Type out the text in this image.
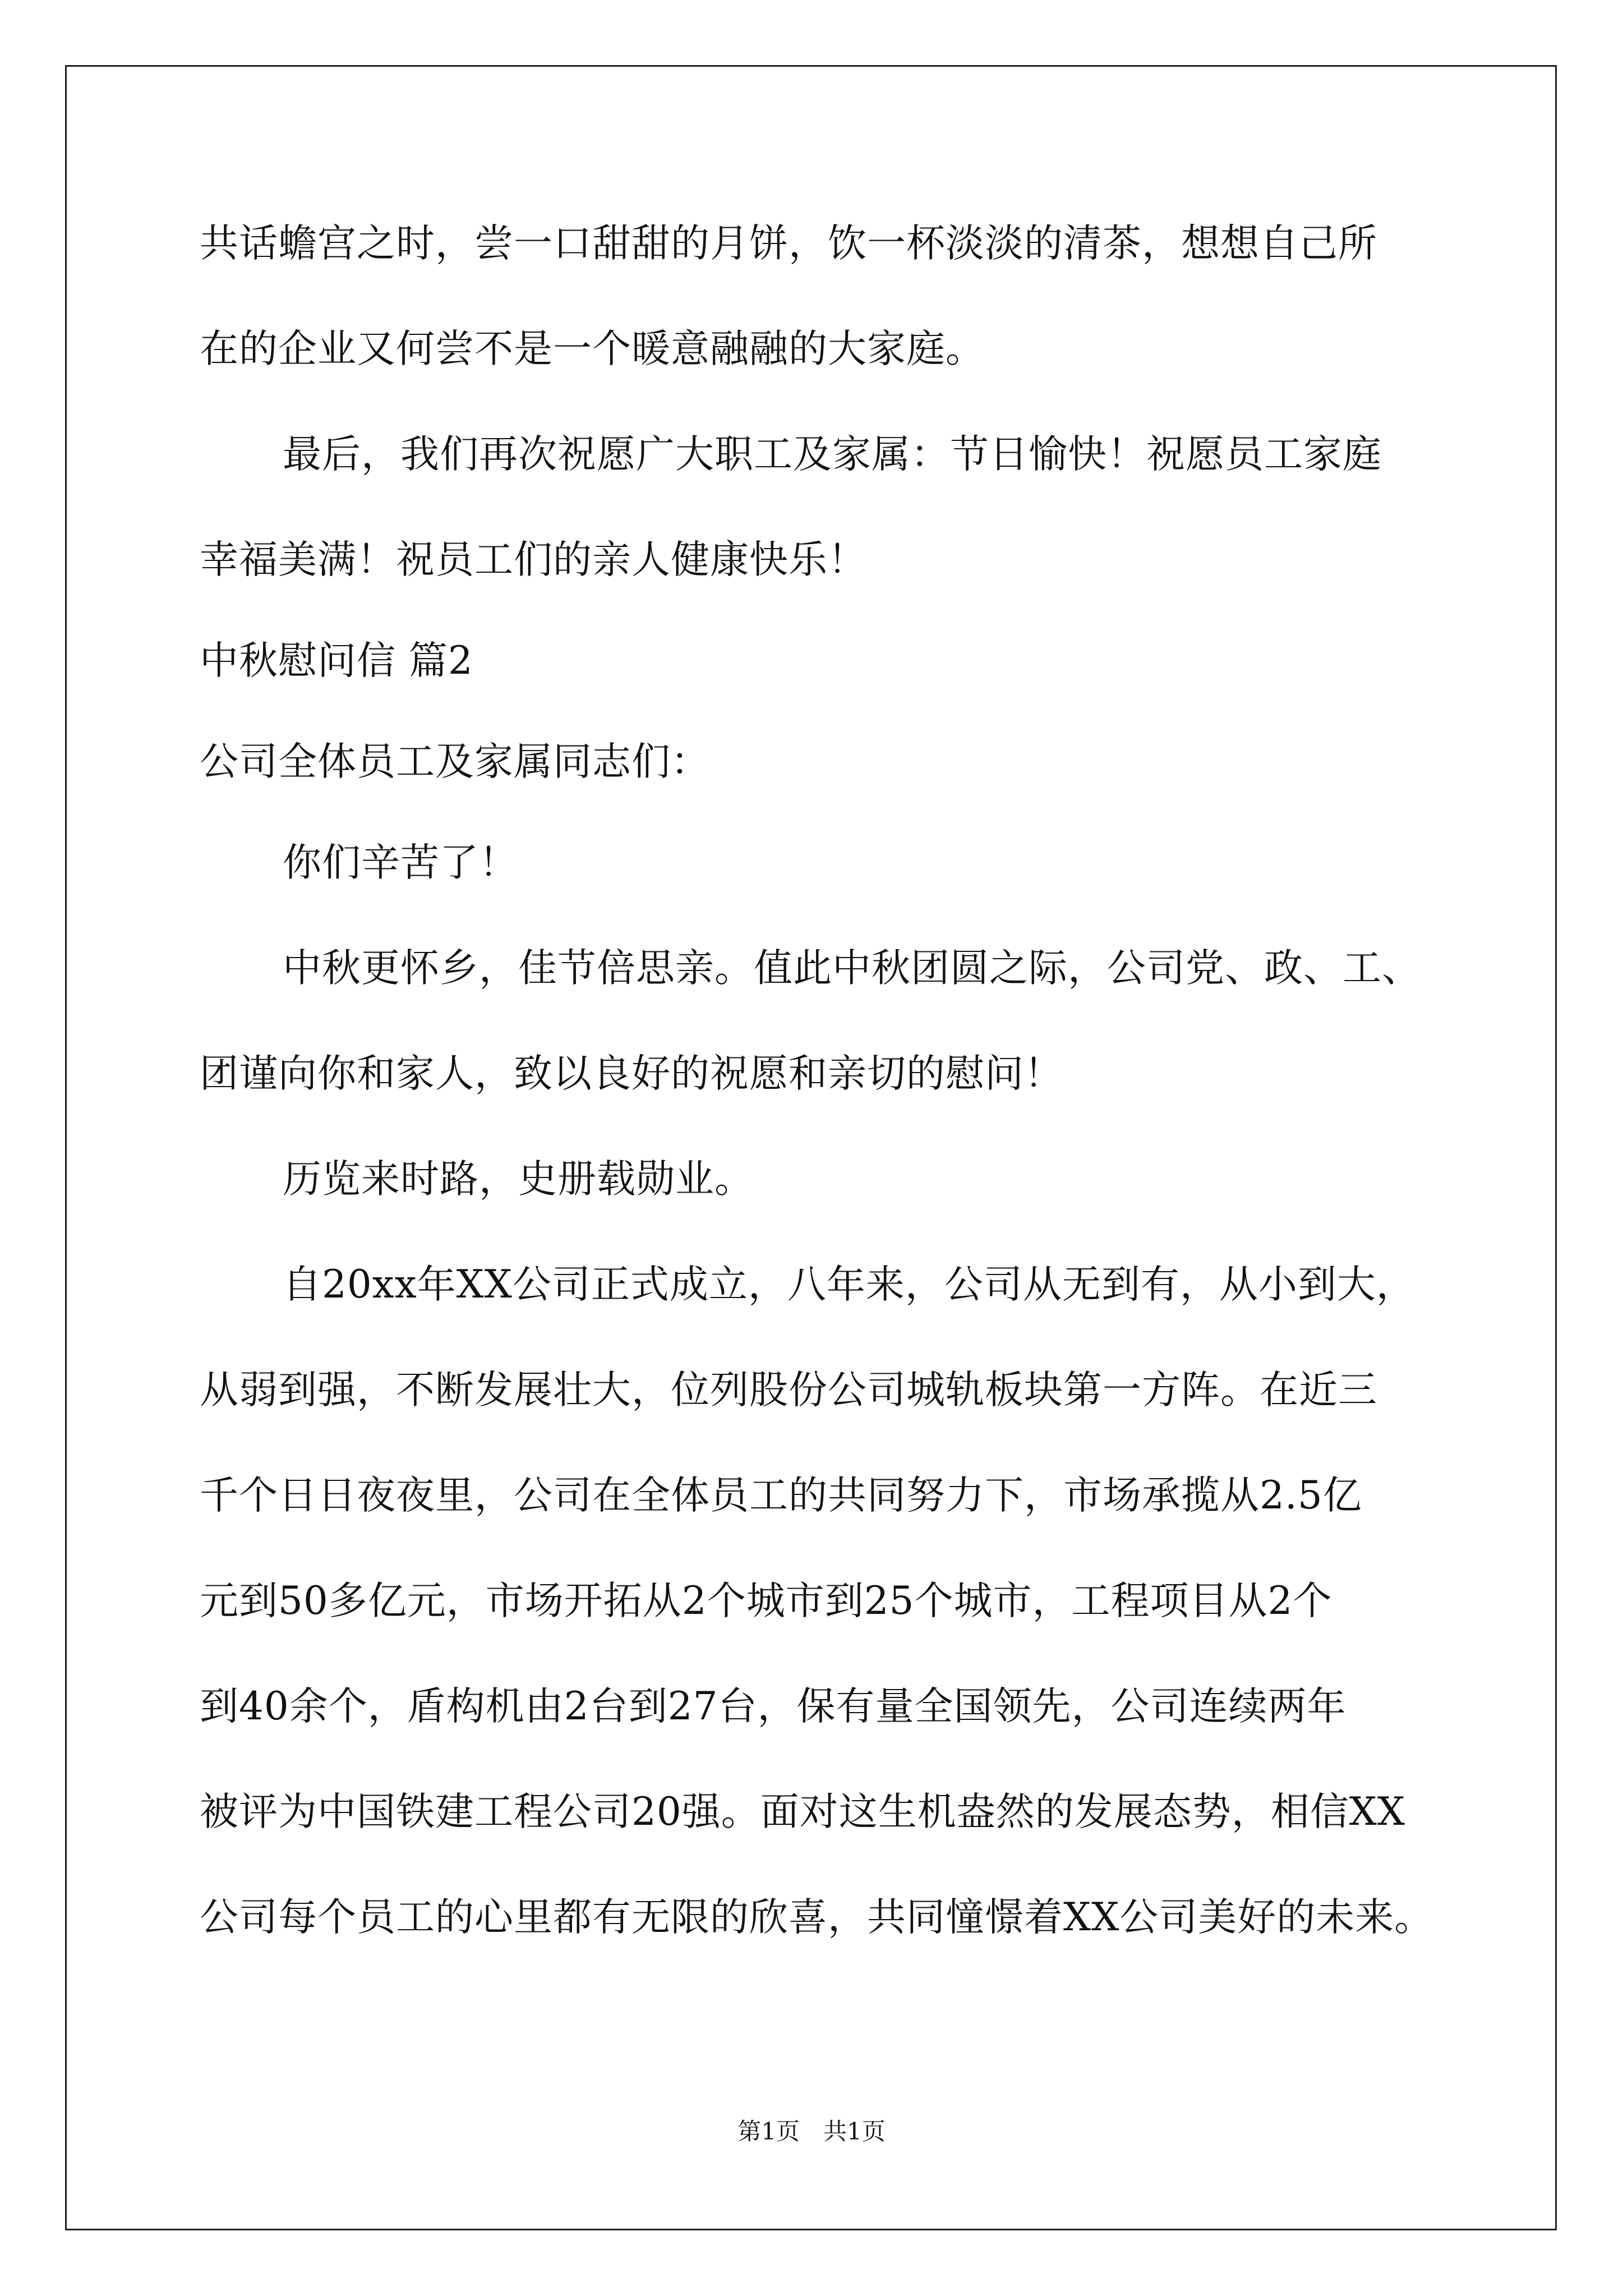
共话蟾宫之时，尝一口甜甜的月饼，饮一杯淡淡的清茶，想想自己所
在的企业又何尝不是一个暖意融融的大家庭。
最后，我们再次祝愿广大职工及家属：节日愉快！祝愿员工家庭
幸福美满！祝员工们的亲人健康快乐！
中秋慰问信 篇2
公司全体员工及家属同志们：
你们辛苦了！
中秋更怀乡，佳节倍思亲。值此中秋团圆之际，公司党、政、工、
团谨向你和家人，致以良好的祝愿和亲切的慰问！
历览来时路，史册载勋业。
自20xx年XX公司正式成立，八年来，公司从无到有，从小到大，
从弱到强，不断发展壮大，位列股份公司城轨板块第一方阵。在近三
千个日日夜夜里，公司在全体员工的共同努力下，市场承揽从2.5亿
元到50多亿元，市场开拓从2个城市到25个城市，工程项目从2个
到40余个，盾构机由2台到27台，保有量全国领先，公司连续两年
被评为中国铁建工程公司20强。面对这生机盎然的发展态势，相信XX
公司每个员工的心里都有无限的欣喜，共同憧憬着XX公司美好的未来。
第1页　共1页
